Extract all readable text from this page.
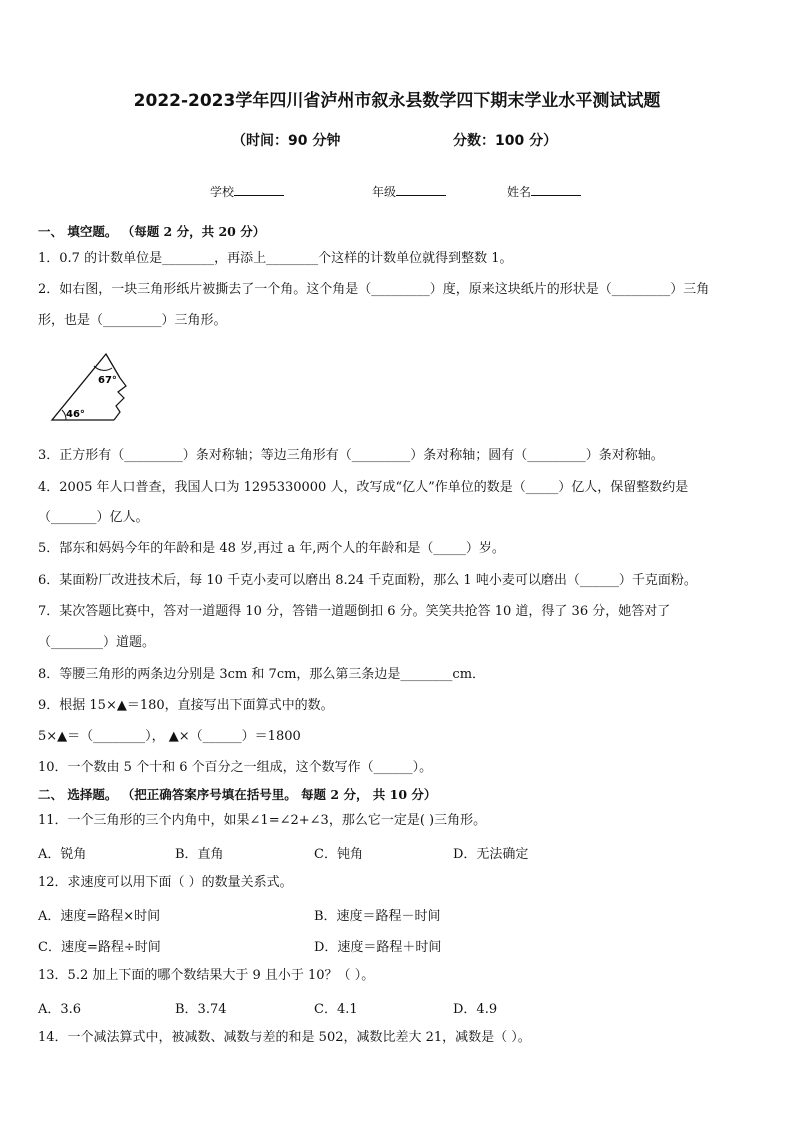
2022-2023学年四川省泸州市叙永县数学四下期末学业水平测试试题
（时间：90 分钟	分数：100 分）
学校	年级	姓名
一、 填空题。 （每题 2 分，共 20 分）
1．0.7 的计数单位是________，再添上________个这样的计数单位就得到整数 1。
2．如右图，一块三角形纸片被撕去了一个角。这个角是（_________）度，原来这块纸片的形状是（_________）三角
形，也是（_________）三角形。
67°
46°
3．正方形有（_________）条对称轴；等边三角形有（_________）条对称轴；圆有（_________）条对称轴。
4．2005 年人口普查，我国人口为 1295330000 人，改写成“亿人”作单位的数是（_____）亿人，保留整数约是
（_______）亿人。
5．郜东和妈妈今年的年龄和是 48 岁,再过 a 年,两个人的年龄和是（_____）岁。
6．某面粉厂改进技术后，每 10 千克小麦可以磨出 8.24 千克面粉，那么 1 吨小麦可以磨出（______）千克面粉。
7．某次答题比赛中，答对一道题得 10 分，答错一道题倒扣 6 分。笑笑共抢答 10 道，得了 36 分，她答对了
（________）道题。
8．等腰三角形的两条边分别是 3cm 和 7cm，那么第三条边是________cm．
9．根据 15×▲＝180，直接写出下面算式中的数。
5×▲＝（________）， ▲×（______）＝1800
10．一个数由 5 个十和 6 个百分之一组成，这个数写作（______）。
二、 选择题。 （把正确答案序号填在括号里。 每题 2 分， 共 10 分）
11．一个三角形的三个内角中，如果∠1=∠2+∠3，那么它一定是( )三角形。
A．锐角	B．直角	C．钝角	D．无法确定
12．求速度可以用下面（ ）的数量关系式。
A．速度=路程×时间	B．速度＝路程－时间
C．速度=路程÷时间	D．速度＝路程＋时间
13．5.2 加上下面的哪个数结果大于 9 且小于 10？（ ）。
A．3.6	B．3.74	C．4.1	D．4.9
14．一个减法算式中，被减数、减数与差的和是 502，减数比差大 21，减数是（ ）。
